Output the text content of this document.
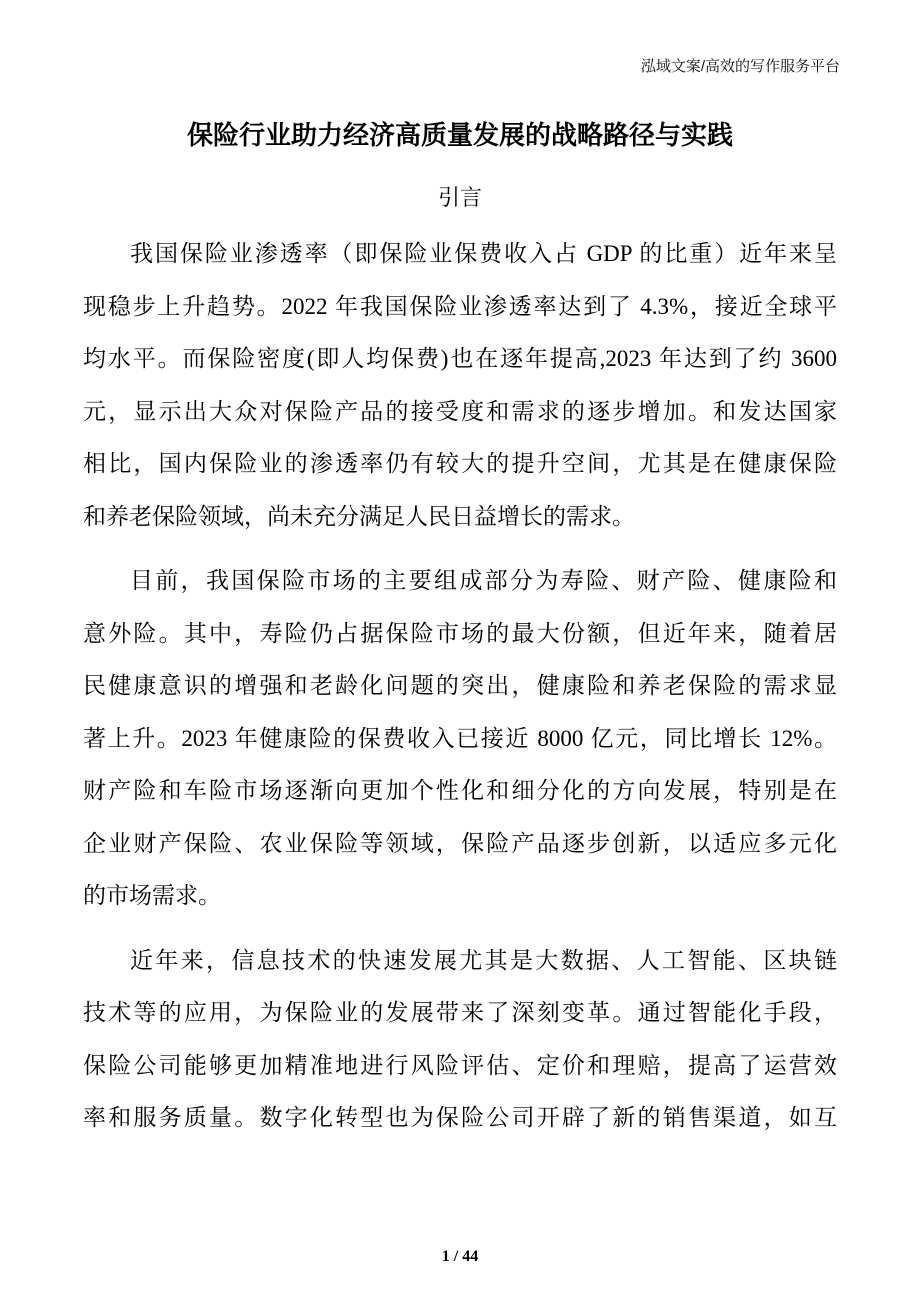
泓域文案/高效的写作服务平台
保险行业助力经济高质量发展的战略路径与实践
引言
我国保险业渗透率（即保险业保费收入占 GDP 的比重）近年来呈
现稳步上升趋势。2022 年我国保险业渗透率达到了 4.3%，接近全球平
均水平。而保险密度(即人均保费)也在逐年提高,2023 年达到了约 3600
元，显示出大众对保险产品的接受度和需求的逐步增加。和发达国家
相比，国内保险业的渗透率仍有较大的提升空间，尤其是在健康保险
和养老保险领域，尚未充分满足人民日益增长的需求。
目前，我国保险市场的主要组成部分为寿险、财产险、健康险和
意外险。其中，寿险仍占据保险市场的最大份额，但近年来，随着居
民健康意识的增强和老龄化问题的突出，健康险和养老保险的需求显
著上升。2023 年健康险的保费收入已接近 8000 亿元，同比增长 12%。
财产险和车险市场逐渐向更加个性化和细分化的方向发展，特别是在
企业财产保险、农业保险等领域，保险产品逐步创新，以适应多元化
的市场需求。
近年来，信息技术的快速发展尤其是大数据、人工智能、区块链
技术等的应用，为保险业的发展带来了深刻变革。通过智能化手段，
保险公司能够更加精准地进行风险评估、定价和理赔，提高了运营效
率和服务质量。数字化转型也为保险公司开辟了新的销售渠道，如互
1 / 44
